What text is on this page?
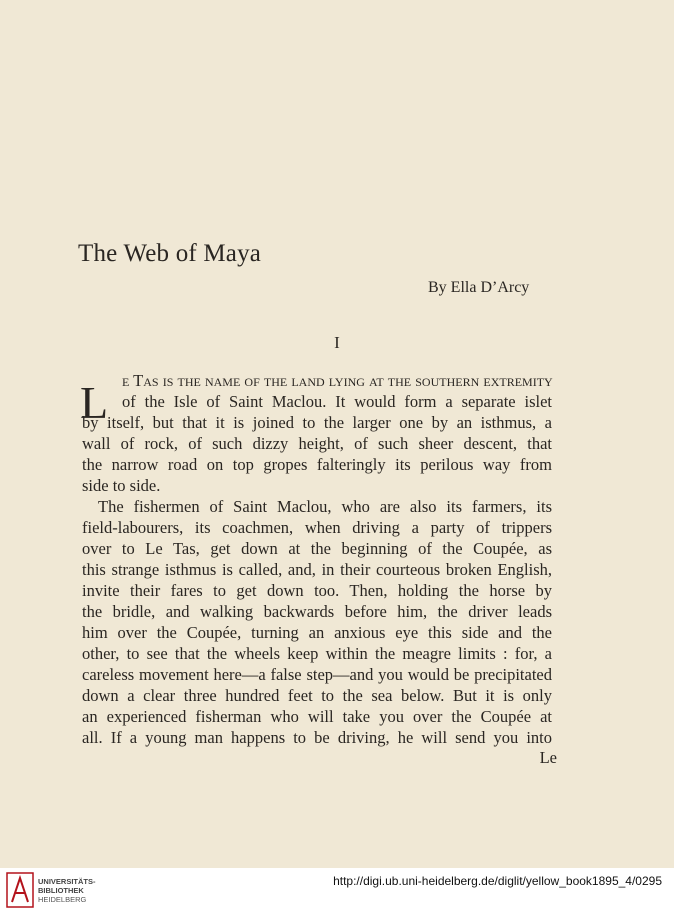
The Web of Maya
By Ella D’Arcy
I
L e Tas is the name of the land lying at the southern extremity
of the Isle of Saint Maclou. It would form a separate islet
by itself, but that it is joined to the larger one by an isthmus, a
wall of rock, of such dizzy height, of such sheer descent, that
the narrow road on top gropes falteringly its perilous way from
side to side.
The fishermen of Saint Maclou, who are also its farmers, its
field-labourers, its coachmen, when driving a party of trippers
over to Le Tas, get down at the beginning of the Coupée, as
this strange isthmus is called, and, in their courteous broken English,
invite their fares to get down too. Then, holding the horse by
the bridle, and walking backwards before him, the driver leads
him over the Coupée, turning an anxious eye this side and the
other, to see that the wheels keep within the meagre limits : for, a
careless movement here—a false step—and you would be precipitated
down a clear three hundred feet to the sea below. But it is only
an experienced fisherman who will take you over the Coupée at
all. If a young man happens to be driving, he will send you into
Le
UNIVERSITÄTS-
BIBLIOTHEK
HEIDELBERG
http://digi.ub.uni-heidelberg.de/diglit/yellow_book1895_4/0295
